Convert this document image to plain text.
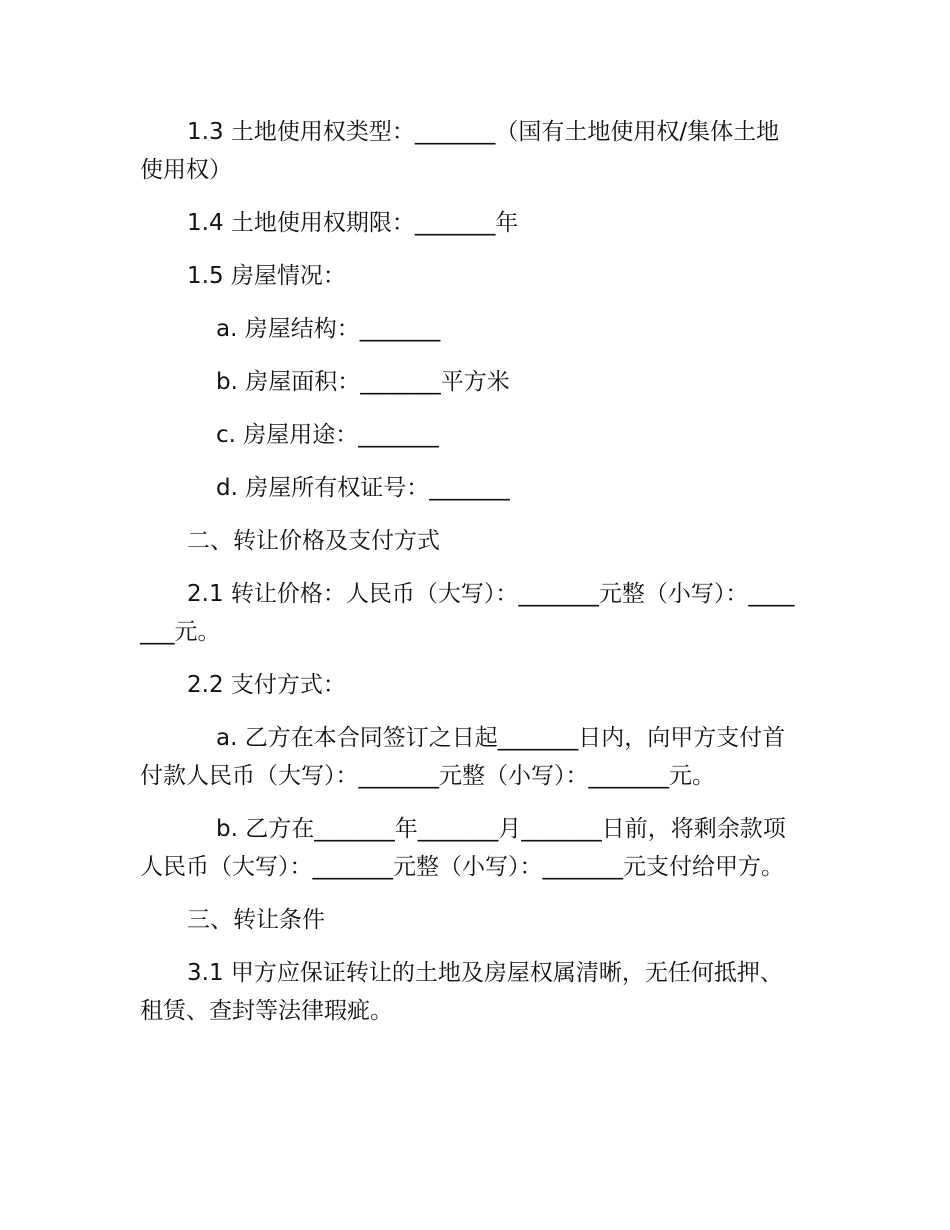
1.3 土地使用权类型：_______（国有土地使用权/集体土地使用权）

1.4 土地使用权期限：_______年

1.5 房屋情况：

a. 房屋结构：_______

b. 房屋面积：_______平方米

c. 房屋用途：_______

d. 房屋所有权证号：_______

二、转让价格及支付方式

2.1 转让价格：人民币（大写）：_______元整（小写）：_______元。

2.2 支付方式：

a. 乙方在本合同签订之日起_______日内，向甲方支付首付款人民币（大写）：_______元整（小写）：_______元。

b. 乙方在_______年_______月_______日前，将剩余款项人民币（大写）：_______元整（小写）：_______元支付给甲方。

三、转让条件

3.1 甲方应保证转让的土地及房屋权属清晰，无任何抵押、租赁、查封等法律瑕疵。
